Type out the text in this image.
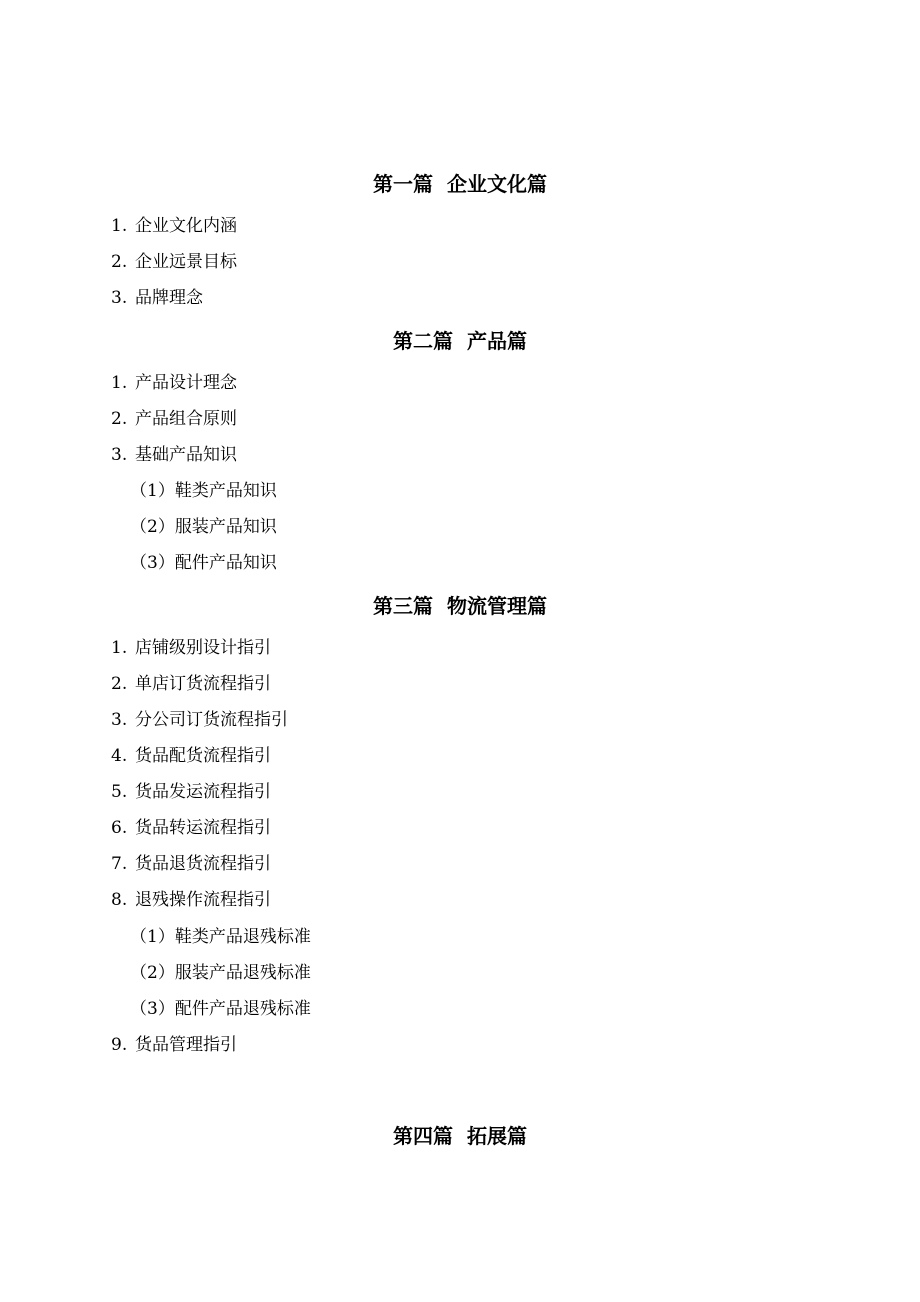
第一篇  企业文化篇
1. 企业文化内涵
2. 企业远景目标
3. 品牌理念
第二篇  产品篇
1. 产品设计理念
2. 产品组合原则
3. 基础产品知识
（1）鞋类产品知识
（2）服装产品知识
（3）配件产品知识
第三篇  物流管理篇
1. 店铺级别设计指引
2. 单店订货流程指引
3. 分公司订货流程指引
4. 货品配货流程指引
5. 货品发运流程指引
6. 货品转运流程指引
7. 货品退货流程指引
8. 退残操作流程指引
（1）鞋类产品退残标准
（2）服装产品退残标准
（3）配件产品退残标准
9. 货品管理指引
第四篇  拓展篇
